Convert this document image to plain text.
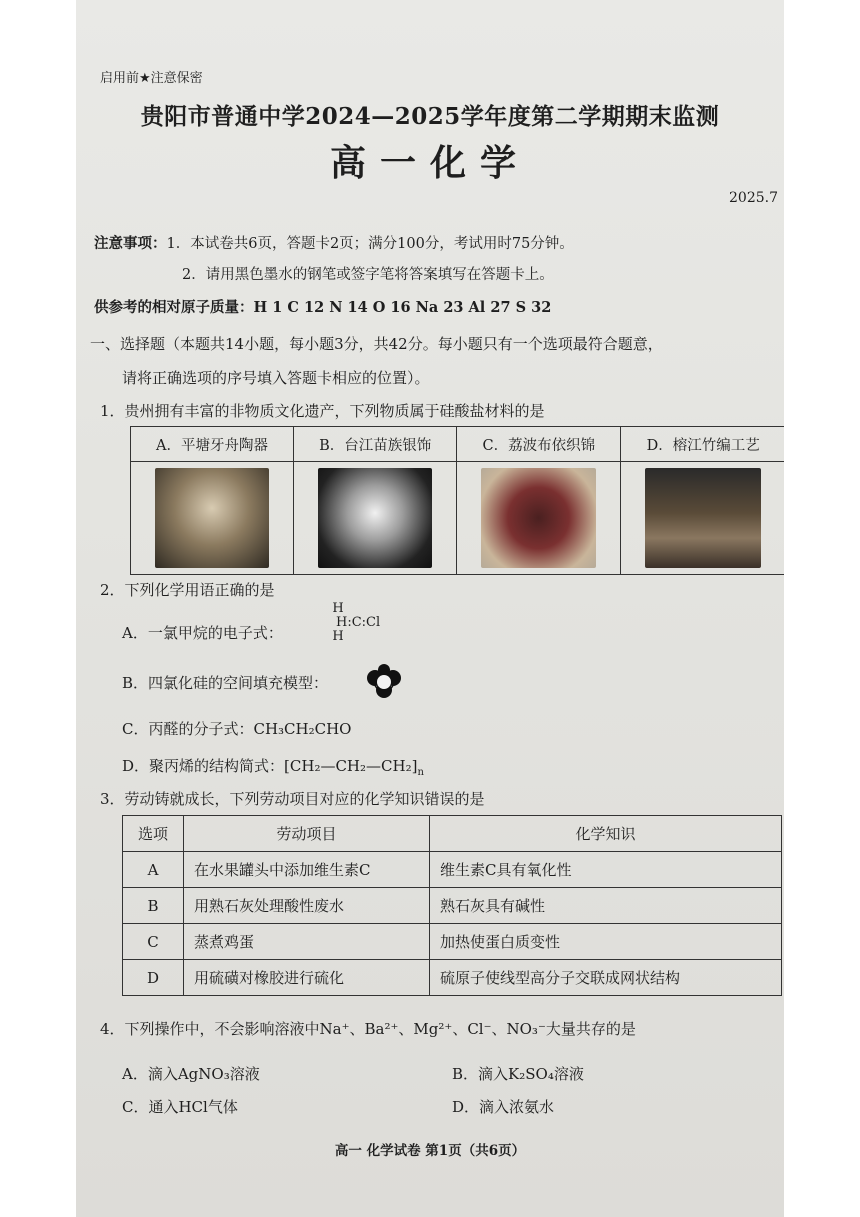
启用前★注意保密
贵阳市普通中学2024—2025学年度第二学期期末监测
高一化学
2025.7
注意事项：1．本试卷共6页，答题卡2页；满分100分，考试用时75分钟。
2．请用黑色墨水的钢笔或签字笔将答案填写在答题卡上。
供参考的相对原子质量：H 1 C 12 N 14 O 16 Na 23 Al 27 S 32
一、选择题（本题共14小题，每小题3分，共42分。每小题只有一个选项最符合题意，
请将正确选项的序号填入答题卡相应的位置）。
1．贵州拥有丰富的非物质文化遗产，下列物质属于硅酸盐材料的是
A．平塘牙舟陶器	B．台江苗族银饰	C．荔波布依织锦	D．榕江竹编工艺

2．下列化学用语正确的是
A．一氯甲烷的电子式：
H
H:C:Cl
H
B．四氯化硅的空间填充模型：
C．丙醛的分子式：CH₃CH₂CHO
D．聚丙烯的结构简式：$[CH_2—CH_2—CH_2]_n$
3．劳动铸就成长，下列劳动项目对应的化学知识错误的是
选项	劳动项目	化学知识
A	在水果罐头中添加维生素C	维生素C具有氧化性
B	用熟石灰处理酸性废水	熟石灰具有碱性
C	蒸煮鸡蛋	加热使蛋白质变性
D	用硫磺对橡胶进行硫化	硫原子使线型高分子交联成网状结构
4．下列操作中，不会影响溶液中Na⁺、Ba²⁺、Mg²⁺、Cl⁻、NO₃⁻大量共存的是
A．滴入AgNO₃溶液	B．滴入K₂SO₄溶液
C．通入HCl气体	D．滴入浓氨水
高一 化学试卷 第1页（共6页）
